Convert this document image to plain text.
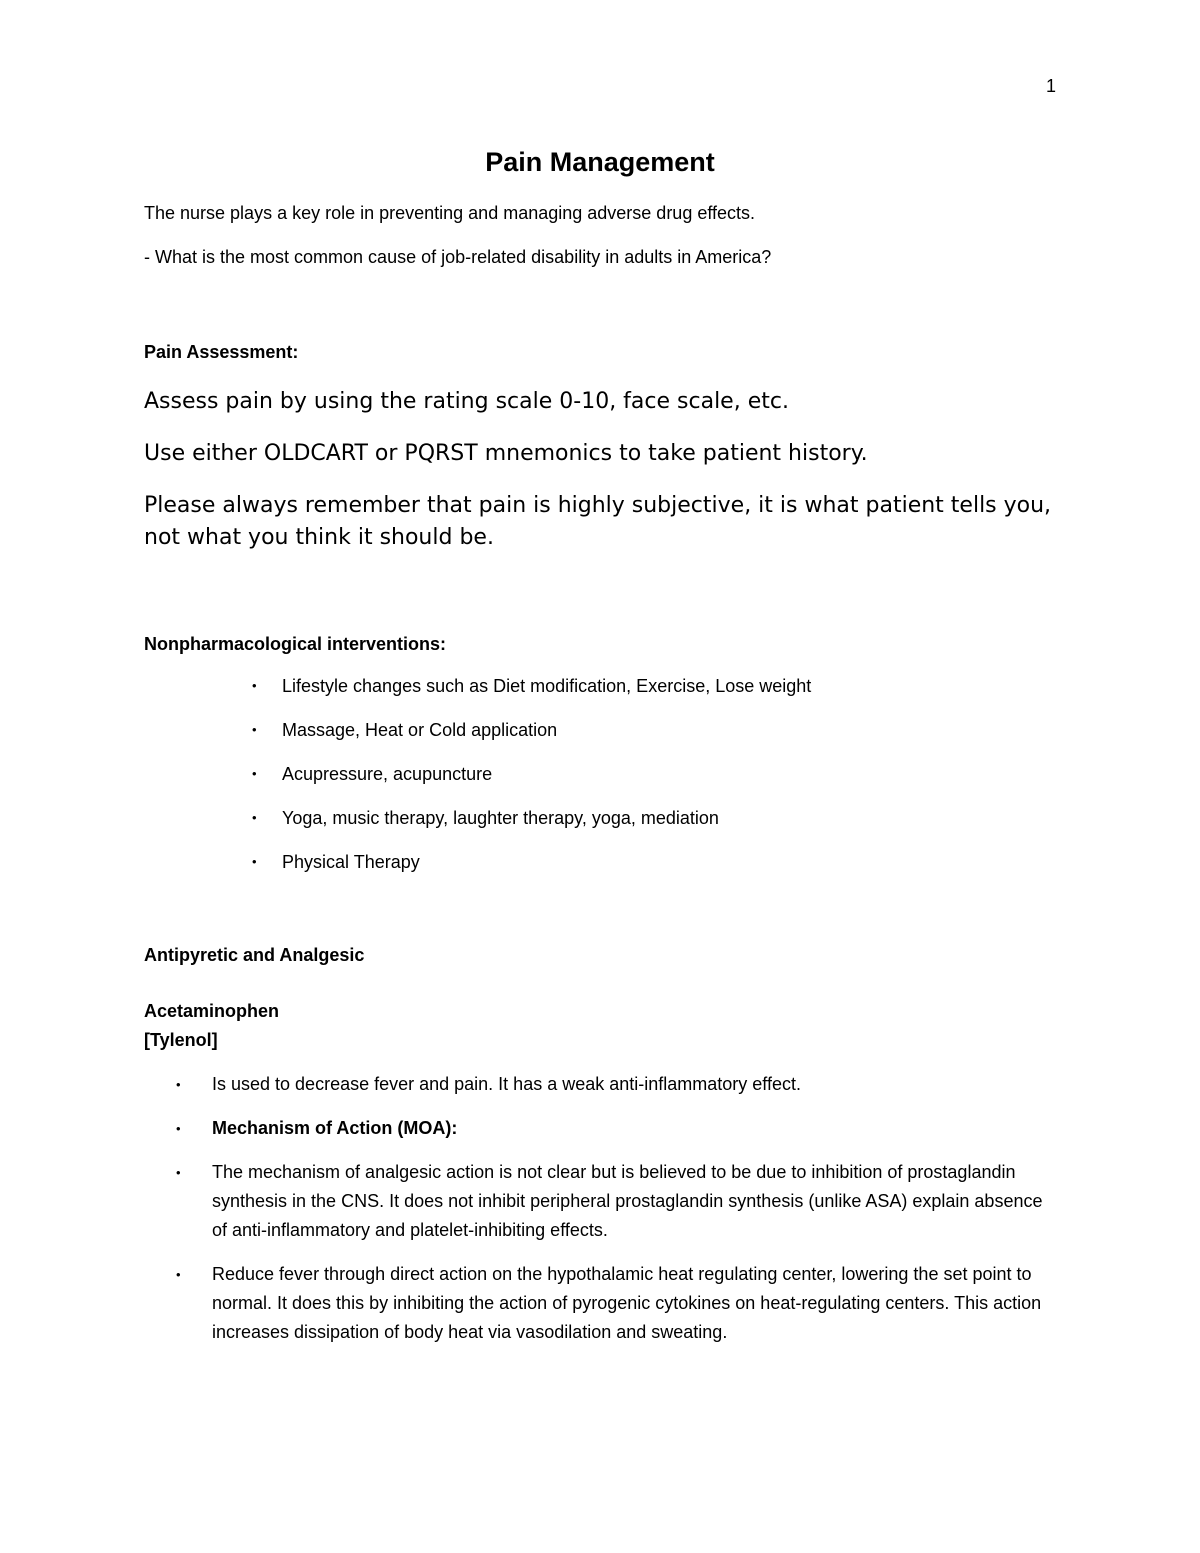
1
Pain Management

The nurse plays a key role in preventing and managing adverse drug effects.

- What is the most common cause of job-related disability in adults in America?

Pain Assessment:

Assess pain by using the rating scale 0-10, face scale, etc.

Use either OLDCART or PQRST mnemonics to take patient history.

Please always remember that pain is highly subjective, it is what patient tells you, not what you think it should be.

Nonpharmacological interventions:

•	Lifestyle changes such as Diet modification, Exercise, Lose weight
•	Massage, Heat or Cold application
•	Acupressure, acupuncture
•	Yoga, music therapy, laughter therapy, yoga, mediation
•	Physical Therapy

Antipyretic and Analgesic

Acetaminophen

[Tylenol]

• Is used to decrease fever and pain. It has a weak anti-inflammatory effect.
• Mechanism of Action (MOA):
• The mechanism of analgesic action is not clear but is believed to be due to inhibition of prostaglandin synthesis in the CNS. It does not inhibit peripheral prostaglandin synthesis (unlike ASA) explain absence of anti-inflammatory and platelet-inhibiting effects.
• Reduce fever through direct action on the hypothalamic heat regulating center, lowering the set point to normal. It does this by inhibiting the action of pyrogenic cytokines on heat-regulating centers. This action increases dissipation of body heat via vasodilation and sweating.
